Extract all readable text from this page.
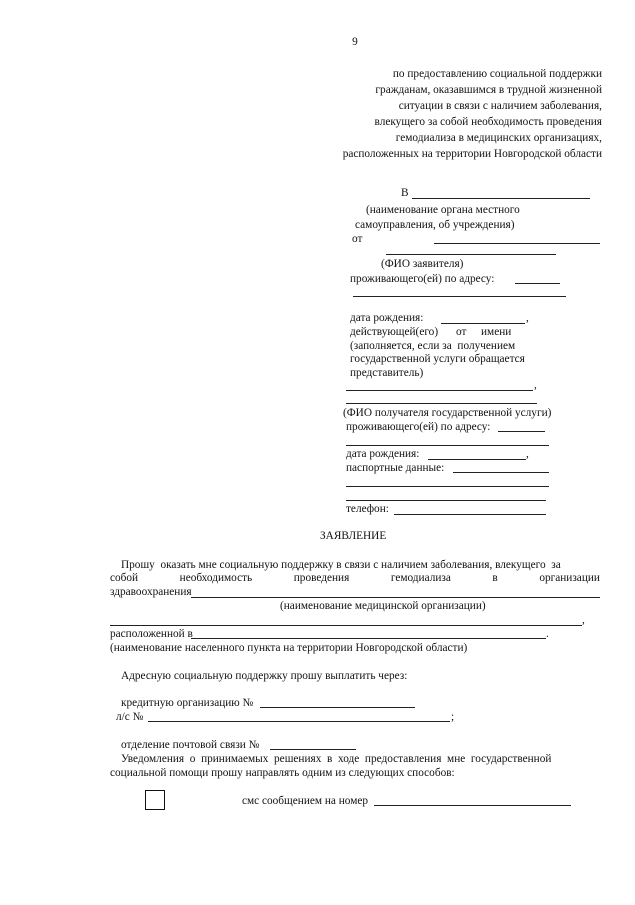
9
по предоставлению социальной поддержки
гражданам, оказавшимся в трудной жизненной
ситуации в связи с наличием заболевания,
влекущего за собой необходимость проведения
гемодиализа в медицинских организациях,
расположенных на территории Новгородской области
В
(наименование органа местного
самоуправления, об учреждения)
от
(ФИО заявителя)
проживающего(ей) по адресу:
дата рождения:	,
действующей(его) от имени
(заполняется, если за  получением
государственной услуги обращается
представитель)
,
(ФИО получателя государственной услуги)
проживающего(ей) по адресу:
дата рождения:	,
паспортные данные:
телефон:
ЗАЯВЛЕНИЕ
Прошу  оказать мне социальную поддержку в связи с наличием заболевания, влекущего  за
собой	необходимость	проведения	гемодиализа	в	организации
здравоохранения
(наименование медицинской организации)
,
расположенной в	.
(наименование населенного пункта на территории Новгородской области)
Адресную социальную поддержку прошу выплатить через:
кредитную организацию №
л/с №	;
отделение почтовой связи №
Уведомления  о  принимаемых  решениях  в  ходе  предоставления  мне  государственной
социальной помощи прошу направлять одним из следующих способов:
смс сообщением на номер
